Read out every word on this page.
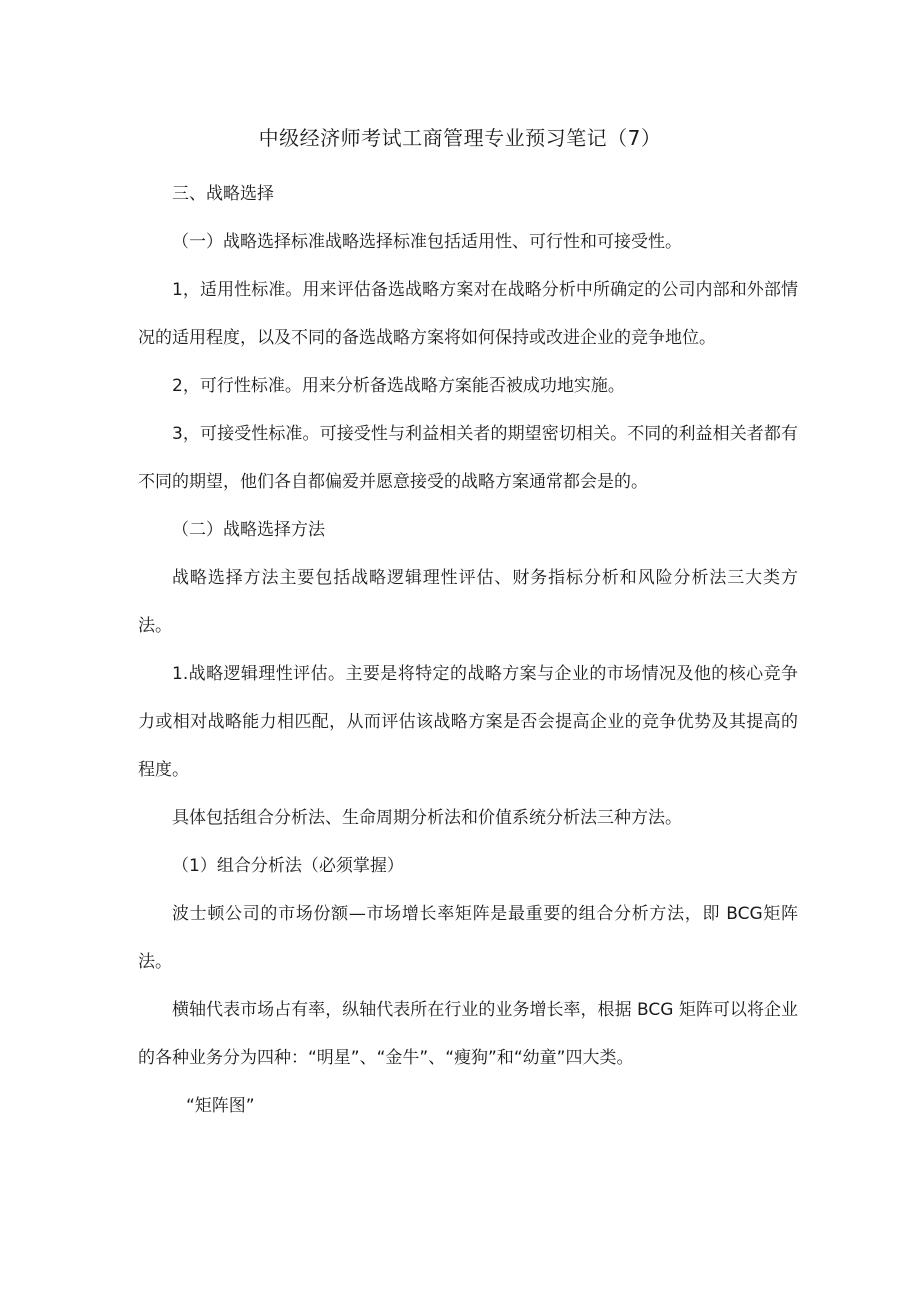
中级经济师考试工商管理专业预习笔记（7）

三、战略选择

（一）战略选择标准战略选择标准包括适用性、可行性和可接受性。

1，适用性标准。用来评估备选战略方案对在战略分析中所确定的公司内部和外部情况的适用程度，以及不同的备选战略方案将如何保持或改进企业的竞争地位。

2，可行性标准。用来分析备选战略方案能否被成功地实施。

3，可接受性标准。可接受性与利益相关者的期望密切相关。不同的利益相关者都有不同的期望，他们各自都偏爱并愿意接受的战略方案通常都会是的。

（二）战略选择方法

战略选择方法主要包括战略逻辑理性评估、财务指标分析和风险分析法三大类方法。

1.战略逻辑理性评估。主要是将特定的战略方案与企业的市场情况及他的核心竞争力或相对战略能力相匹配，从而评估该战略方案是否会提高企业的竞争优势及其提高的程度。

具体包括组合分析法、生命周期分析法和价值系统分析法三种方法。

（1）组合分析法（必须掌握）

波士顿公司的市场份额—市场增长率矩阵是最重要的组合分析方法，即 BCG矩阵法。

横轴代表市场占有率，纵轴代表所在行业的业务增长率，根据 BCG 矩阵可以将企业的各种业务分为四种：“明星”、“金牛”、“瘦狗”和“幼童”四大类。

“矩阵图”
